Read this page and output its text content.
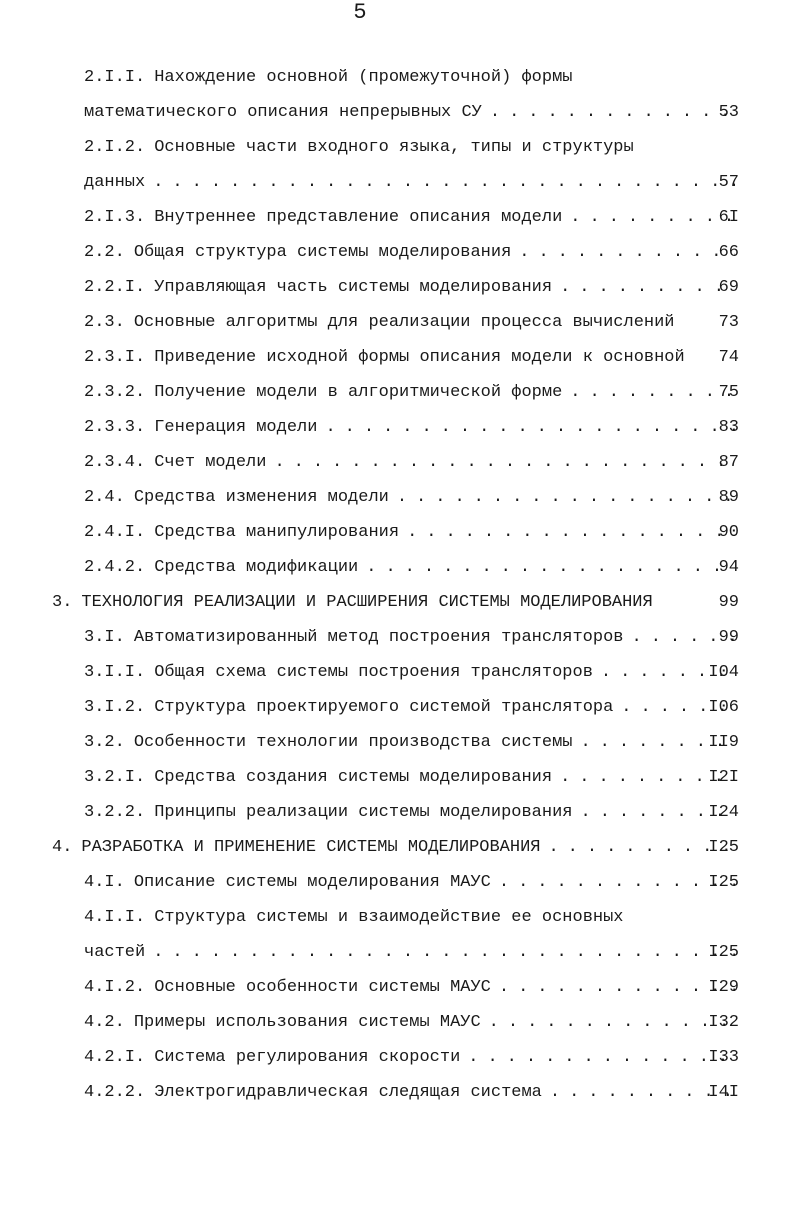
5
2.I.I. Нахождение основной (промежуточной) формы
математического описания непрерывных СУ .....	53
2.I.2. Основные части входного языка, типы и структуры
данных .....	57
2.I.3. Внутреннее представление описания модели .....	6I
2.2. Общая структура системы моделирования .....	66
2.2.I. Управляющая часть системы моделирования .....	69
2.3. Основные алгоритмы для реализации процесса вычислений	73
2.3.I. Приведение исходной формы описания модели к основной 74
2.3.2. Получение модели в алгоритмической форме .....	75
2.3.3. Генерация модели .....	83
2.3.4. Счет модели .....	87
2.4. Средства изменения модели .....	89
2.4.I. Средства манипулирования .....	90
2.4.2. Средства модификации .....	94
3. ТЕХНОЛОГИЯ РЕАЛИЗАЦИИ И РАСШИРЕНИЯ СИСТЕМЫ МОДЕЛИРОВАНИЯ	99
3.I. Автоматизированный метод построения трансляторов .....	99
3.I.I. Общая схема системы построения трансляторов .....	I04
3.I.2. Структура проектируемого системой транслятора .....	I06
3.2. Особенности технологии производства системы .....	II9
3.2.I. Средства создания системы моделирования .....	I2I
3.2.2. Принципы реализации системы моделирования .....	I24
4. РАЗРАБОТКА И ПРИМЕНЕНИЕ СИСТЕМЫ МОДЕЛИРОВАНИЯ .....	I25
4.I. Описание системы моделирования МАУС .....	I25
4.I.I. Структура системы и взаимодействие ее основных
частей .....	I25
4.I.2. Основные особенности системы МАУС .....	I29
4.2. Примеры использования системы МАУС .....	I32
4.2.I. Система регулирования скорости .....	I33
4.2.2. Электрогидравлическая следящая система .....	I4I
